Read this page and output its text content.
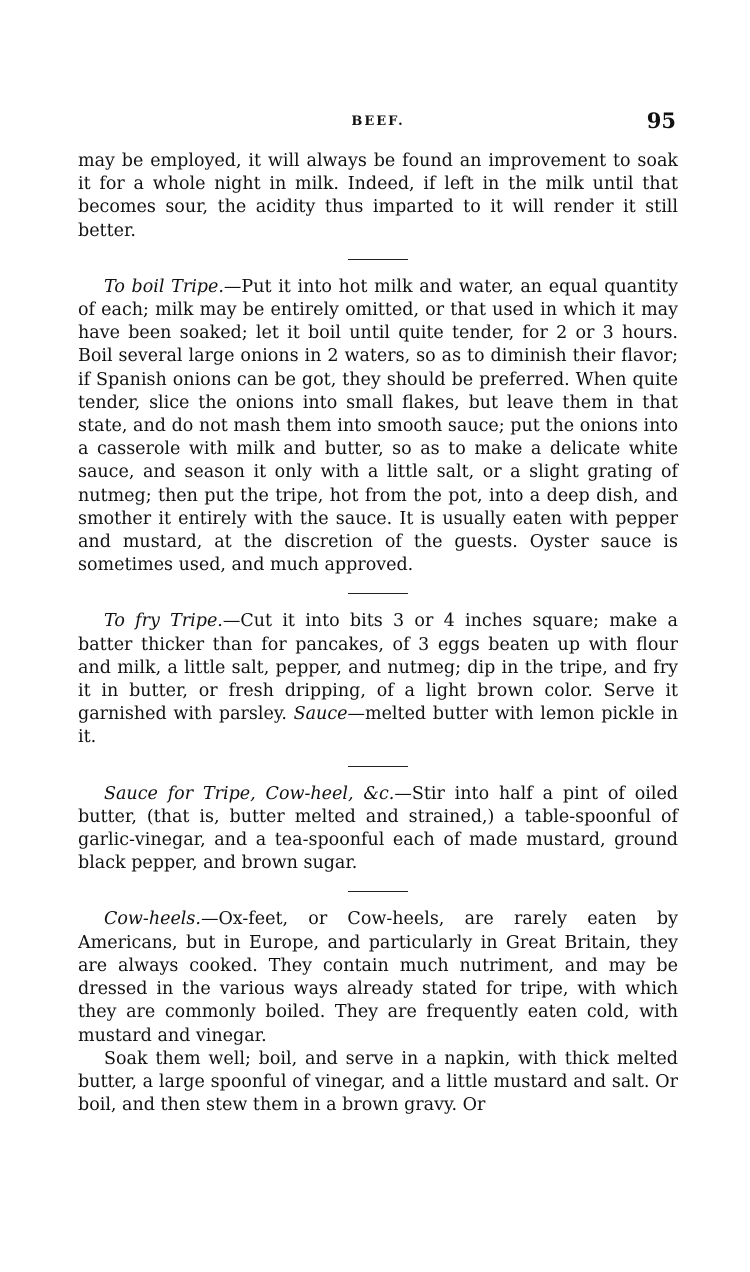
BEEF.	95

may be employed, it will always be found an improvement to soak it for a whole night in milk. Indeed, if left in the milk until that becomes sour, the acidity thus imparted to it will render it still better.

To boil Tripe.—Put it into hot milk and water, an equal quantity of each; milk may be entirely omitted, or that used in which it may have been soaked; let it boil until quite tender, for 2 or 3 hours. Boil several large onions in 2 waters, so as to diminish their flavor; if Spanish onions can be got, they should be preferred. When quite tender, slice the onions into small flakes, but leave them in that state, and do not mash them into smooth sauce; put the onions into a casserole with milk and butter, so as to make a delicate white sauce, and season it only with a little salt, or a slight grating of nutmeg; then put the tripe, hot from the pot, into a deep dish, and smother it entirely with the sauce. It is usually eaten with pepper and mustard, at the discretion of the guests. Oyster sauce is sometimes used, and much approved.

To fry Tripe.—Cut it into bits 3 or 4 inches square; make a batter thicker than for pancakes, of 3 eggs beaten up with flour and milk, a little salt, pepper, and nutmeg; dip in the tripe, and fry it in butter, or fresh dripping, of a light brown color. Serve it garnished with parsley. Sauce—melted butter with lemon pickle in it.

Sauce for Tripe, Cow-heel, &c.—Stir into half a pint of oiled butter, (that is, butter melted and strained,) a table-spoonful of garlic-vinegar, and a tea-spoonful each of made mustard, ground black pepper, and brown sugar.

Cow-heels.—Ox-feet, or Cow-heels, are rarely eaten by Americans, but in Europe, and particularly in Great Britain, they are always cooked. They contain much nutriment, and may be dressed in the various ways already stated for tripe, with which they are commonly boiled. They are frequently eaten cold, with mustard and vinegar.

Soak them well; boil, and serve in a napkin, with thick melted butter, a large spoonful of vinegar, and a little mustard and salt. Or boil, and then stew them in a brown gravy. Or
